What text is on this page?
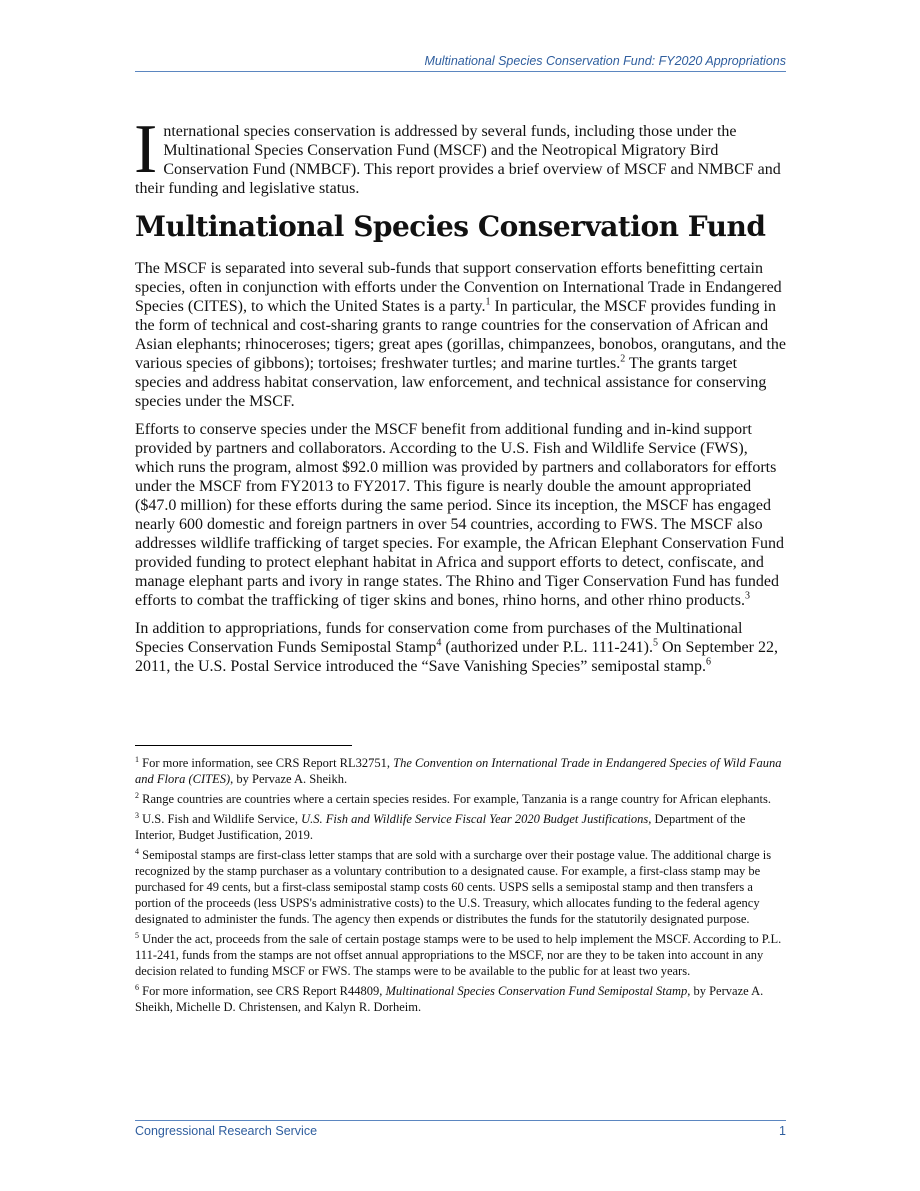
Multinational Species Conservation Fund: FY2020 Appropriations
International species conservation is addressed by several funds, including those under the Multinational Species Conservation Fund (MSCF) and the Neotropical Migratory Bird Conservation Fund (NMBCF). This report provides a brief overview of MSCF and NMBCF and their funding and legislative status.
Multinational Species Conservation Fund

The MSCF is separated into several sub-funds that support conservation efforts benefitting certain species, often in conjunction with efforts under the Convention on International Trade in Endangered Species (CITES), to which the United States is a party.$^1$ In particular, the MSCF provides funding in the form of technical and cost-sharing grants to range countries for the conservation of African and Asian elephants; rhinoceroses; tigers; great apes (gorillas, chimpanzees, bonobos, orangutans, and the various species of gibbons); tortoises; freshwater turtles; and marine turtles.$^2$ The grants target species and address habitat conservation, law enforcement, and technical assistance for conserving species under the MSCF.

Efforts to conserve species under the MSCF benefit from additional funding and in-kind support provided by partners and collaborators. According to the U.S. Fish and Wildlife Service (FWS), which runs the program, almost $92.0 million was provided by partners and collaborators for efforts under the MSCF from FY2013 to FY2017. This figure is nearly double the amount appropriated ($47.0 million) for these efforts during the same period. Since its inception, the MSCF has engaged nearly 600 domestic and foreign partners in over 54 countries, according to FWS. The MSCF also addresses wildlife trafficking of target species. For example, the African Elephant Conservation Fund provided funding to protect elephant habitat in Africa and support efforts to detect, confiscate, and manage elephant parts and ivory in range states. The Rhino and Tiger Conservation Fund has funded efforts to combat the trafficking of tiger skins and bones, rhino horns, and other rhino products.$^3$

In addition to appropriations, funds for conservation come from purchases of the Multinational Species Conservation Funds Semipostal Stamp$^4$ (authorized under P.L. 111-241).$^5$ On September 22, 2011, the U.S. Postal Service introduced the “Save Vanishing Species” semipostal stamp.$^6$

$^1$ For more information, see CRS Report RL32751, The Convention on International Trade in Endangered Species of Wild Fauna and Flora (CITES), by Pervaze A. Sheikh.
$^2$ Range countries are countries where a certain species resides. For example, Tanzania is a range country for African elephants.
$^3$ U.S. Fish and Wildlife Service, U.S. Fish and Wildlife Service Fiscal Year 2020 Budget Justifications, Department of the Interior, Budget Justification, 2019.
$^4$ Semipostal stamps are first-class letter stamps that are sold with a surcharge over their postage value. The additional charge is recognized by the stamp purchaser as a voluntary contribution to a designated cause. For example, a first-class stamp may be purchased for 49 cents, but a first-class semipostal stamp costs 60 cents. USPS sells a semipostal stamp and then transfers a portion of the proceeds (less USPS's administrative costs) to the U.S. Treasury, which allocates funding to the federal agency designated to administer the funds. The agency then expends or distributes the funds for the statutorily designated purpose.
$^5$ Under the act, proceeds from the sale of certain postage stamps were to be used to help implement the MSCF. According to P.L. 111-241, funds from the stamps are not offset annual appropriations to the MSCF, nor are they to be taken into account in any decision related to funding MSCF or FWS. The stamps were to be available to the public for at least two years.
$^6$ For more information, see CRS Report R44809, Multinational Species Conservation Fund Semipostal Stamp, by Pervaze A. Sheikh, Michelle D. Christensen, and Kalyn R. Dorheim.
Congressional Research Service	1
